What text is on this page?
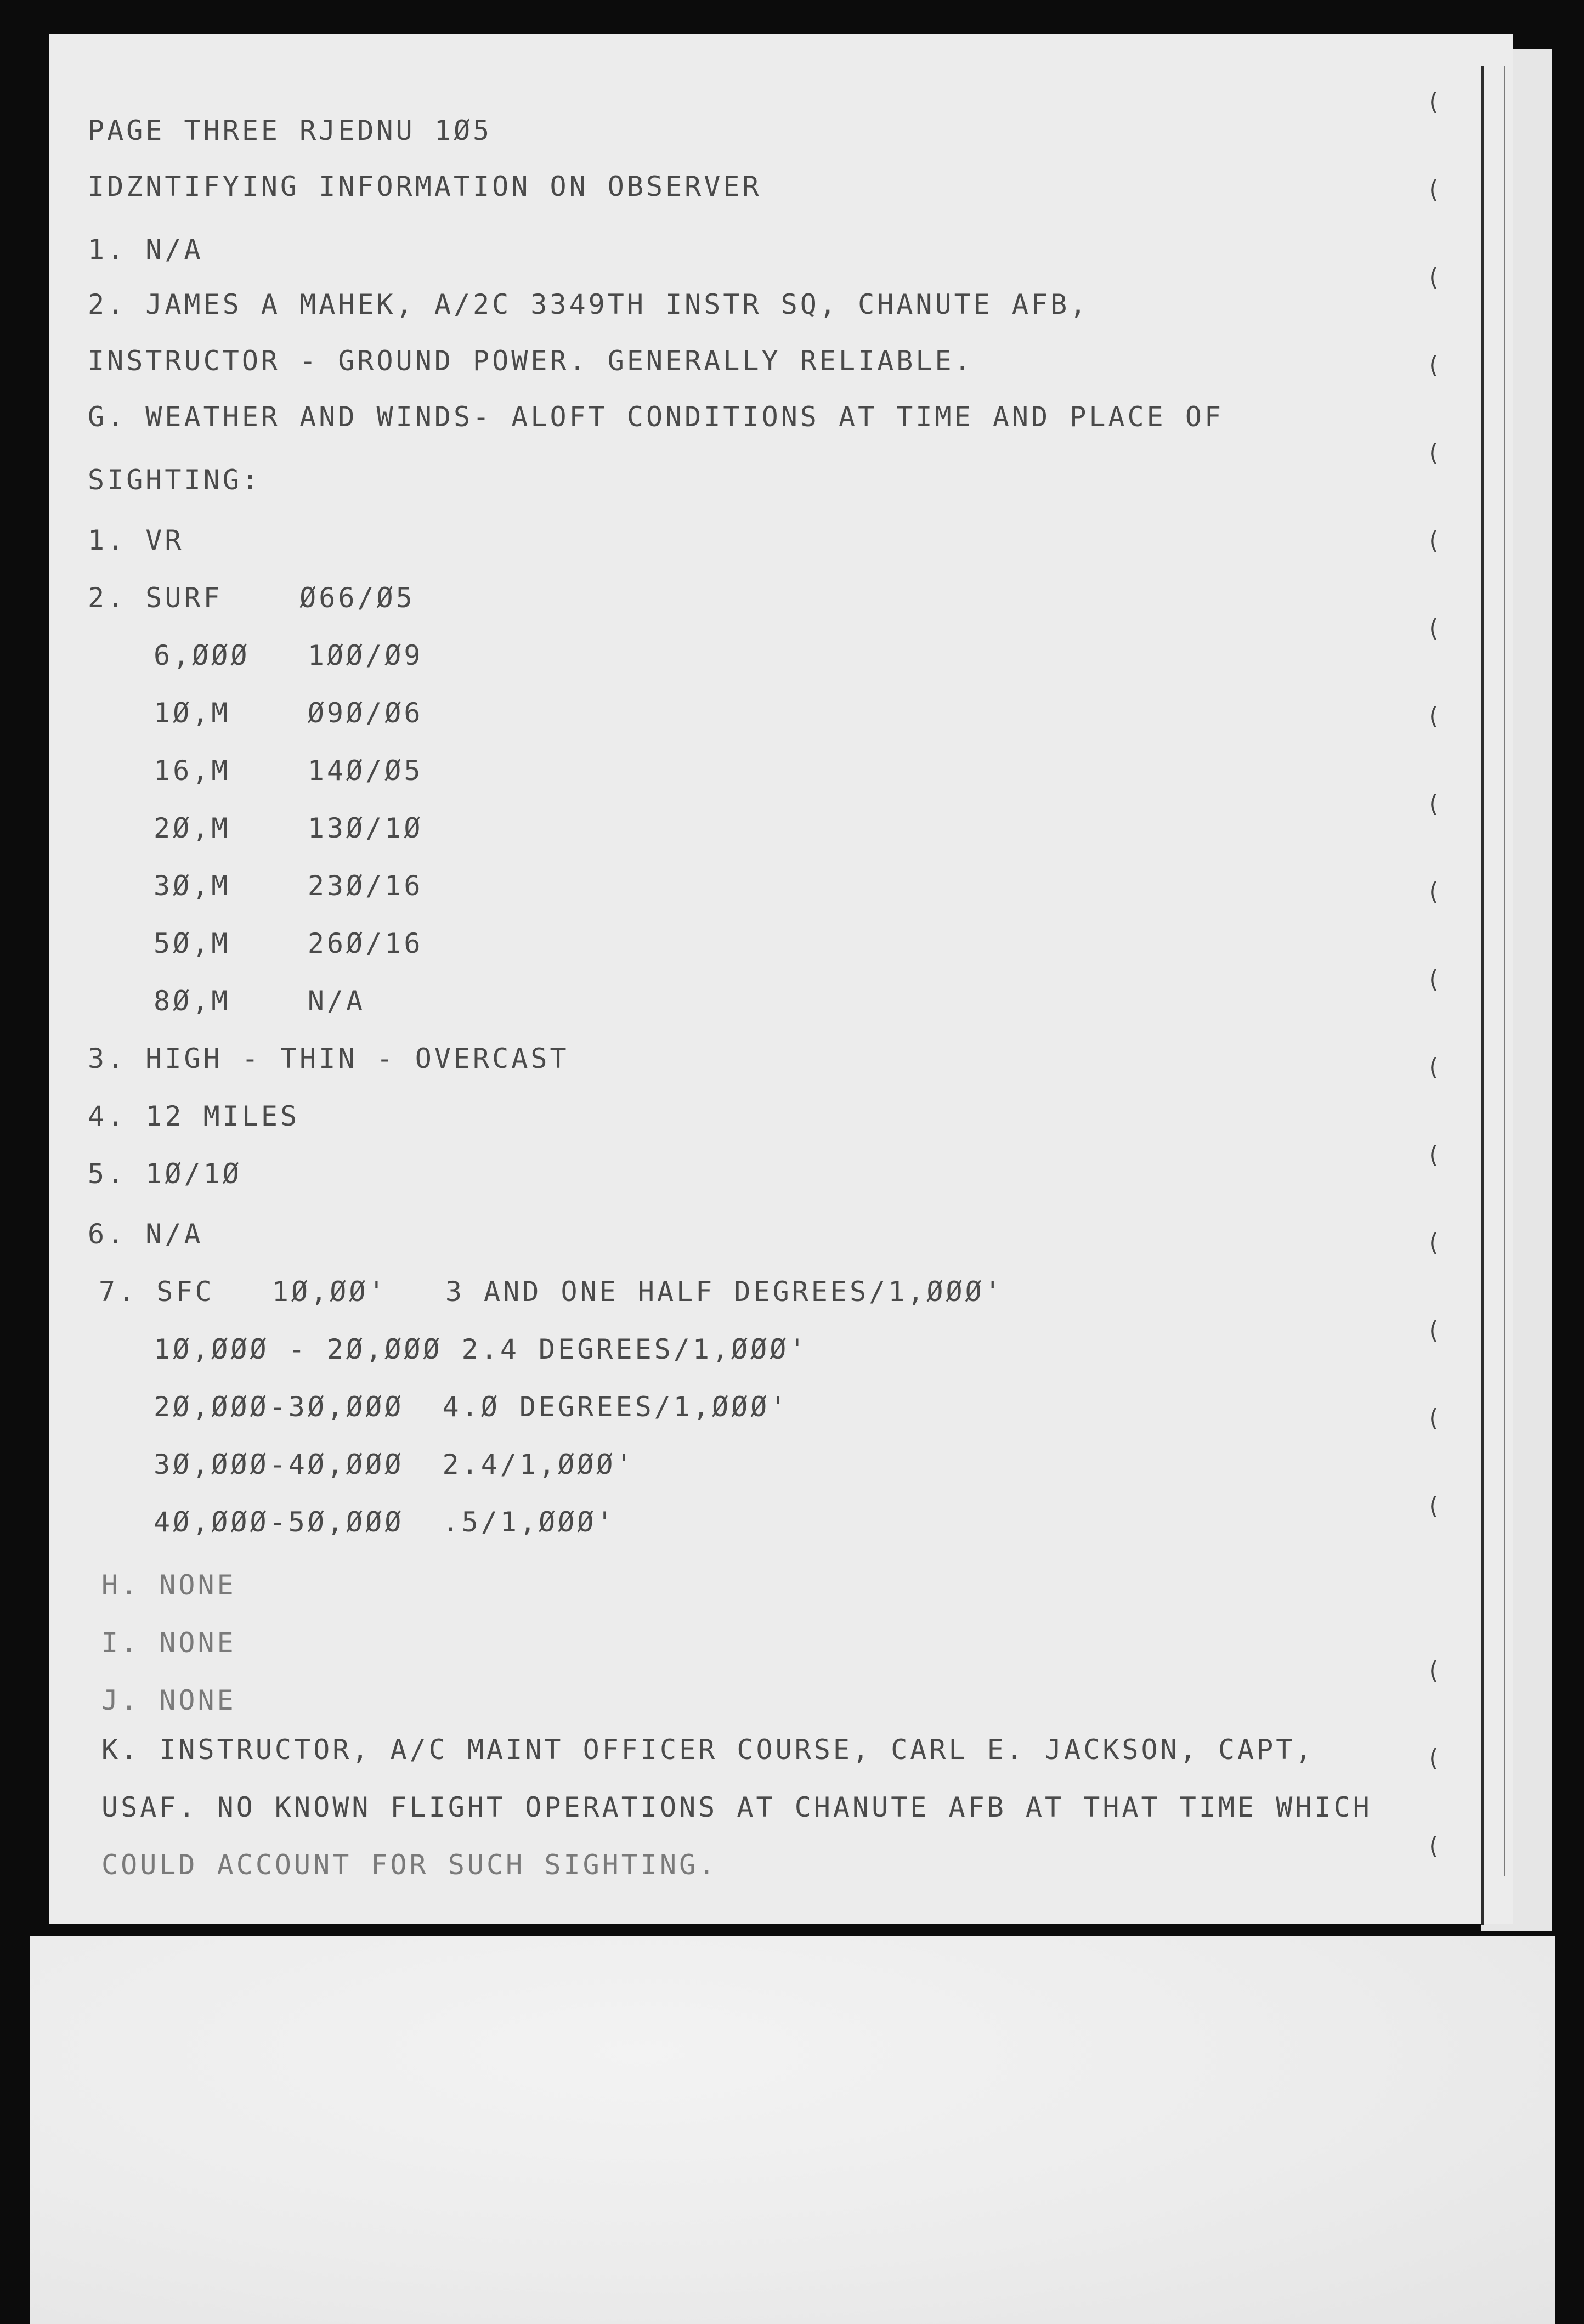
(
(
(
(
(
(
(
(
(
(
(
(
(
(
(
(
(
(
(
(
PAGE THREE RJEDNU 1Ø5
IDZNTIFYING INFORMATION ON OBSERVER
1. N/A
2. JAMES A MAHEK, A/2C 3349TH INSTR SQ, CHANUTE AFB,
INSTRUCTOR - GROUND POWER. GENERALLY RELIABLE.
G. WEATHER AND WINDS- ALOFT CONDITIONS AT TIME AND PLACE OF
SIGHTING:
1. VR
2. SURF    Ø66/Ø5
6,ØØØ   1ØØ/Ø9
1Ø,M    Ø9Ø/Ø6
16,M    14Ø/Ø5
2Ø,M    13Ø/1Ø
3Ø,M    23Ø/16
5Ø,M    26Ø/16
8Ø,M    N/A
3. HIGH - THIN - OVERCAST
4. 12 MILES
5. 1Ø/1Ø
6. N/A
7. SFC   1Ø,ØØ'   3 AND ONE HALF DEGREES/1,ØØØ'
1Ø,ØØØ - 2Ø,ØØØ 2.4 DEGREES/1,ØØØ'
2Ø,ØØØ-3Ø,ØØØ  4.Ø DEGREES/1,ØØØ'
3Ø,ØØØ-4Ø,ØØØ  2.4/1,ØØØ'
4Ø,ØØØ-5Ø,ØØØ  .5/1,ØØØ'
H. NONE
I. NONE
J. NONE
K. INSTRUCTOR, A/C MAINT OFFICER COURSE, CARL E. JACKSON, CAPT,
USAF. NO KNOWN FLIGHT OPERATIONS AT CHANUTE AFB AT THAT TIME WHICH
COULD ACCOUNT FOR SUCH SIGHTING.
